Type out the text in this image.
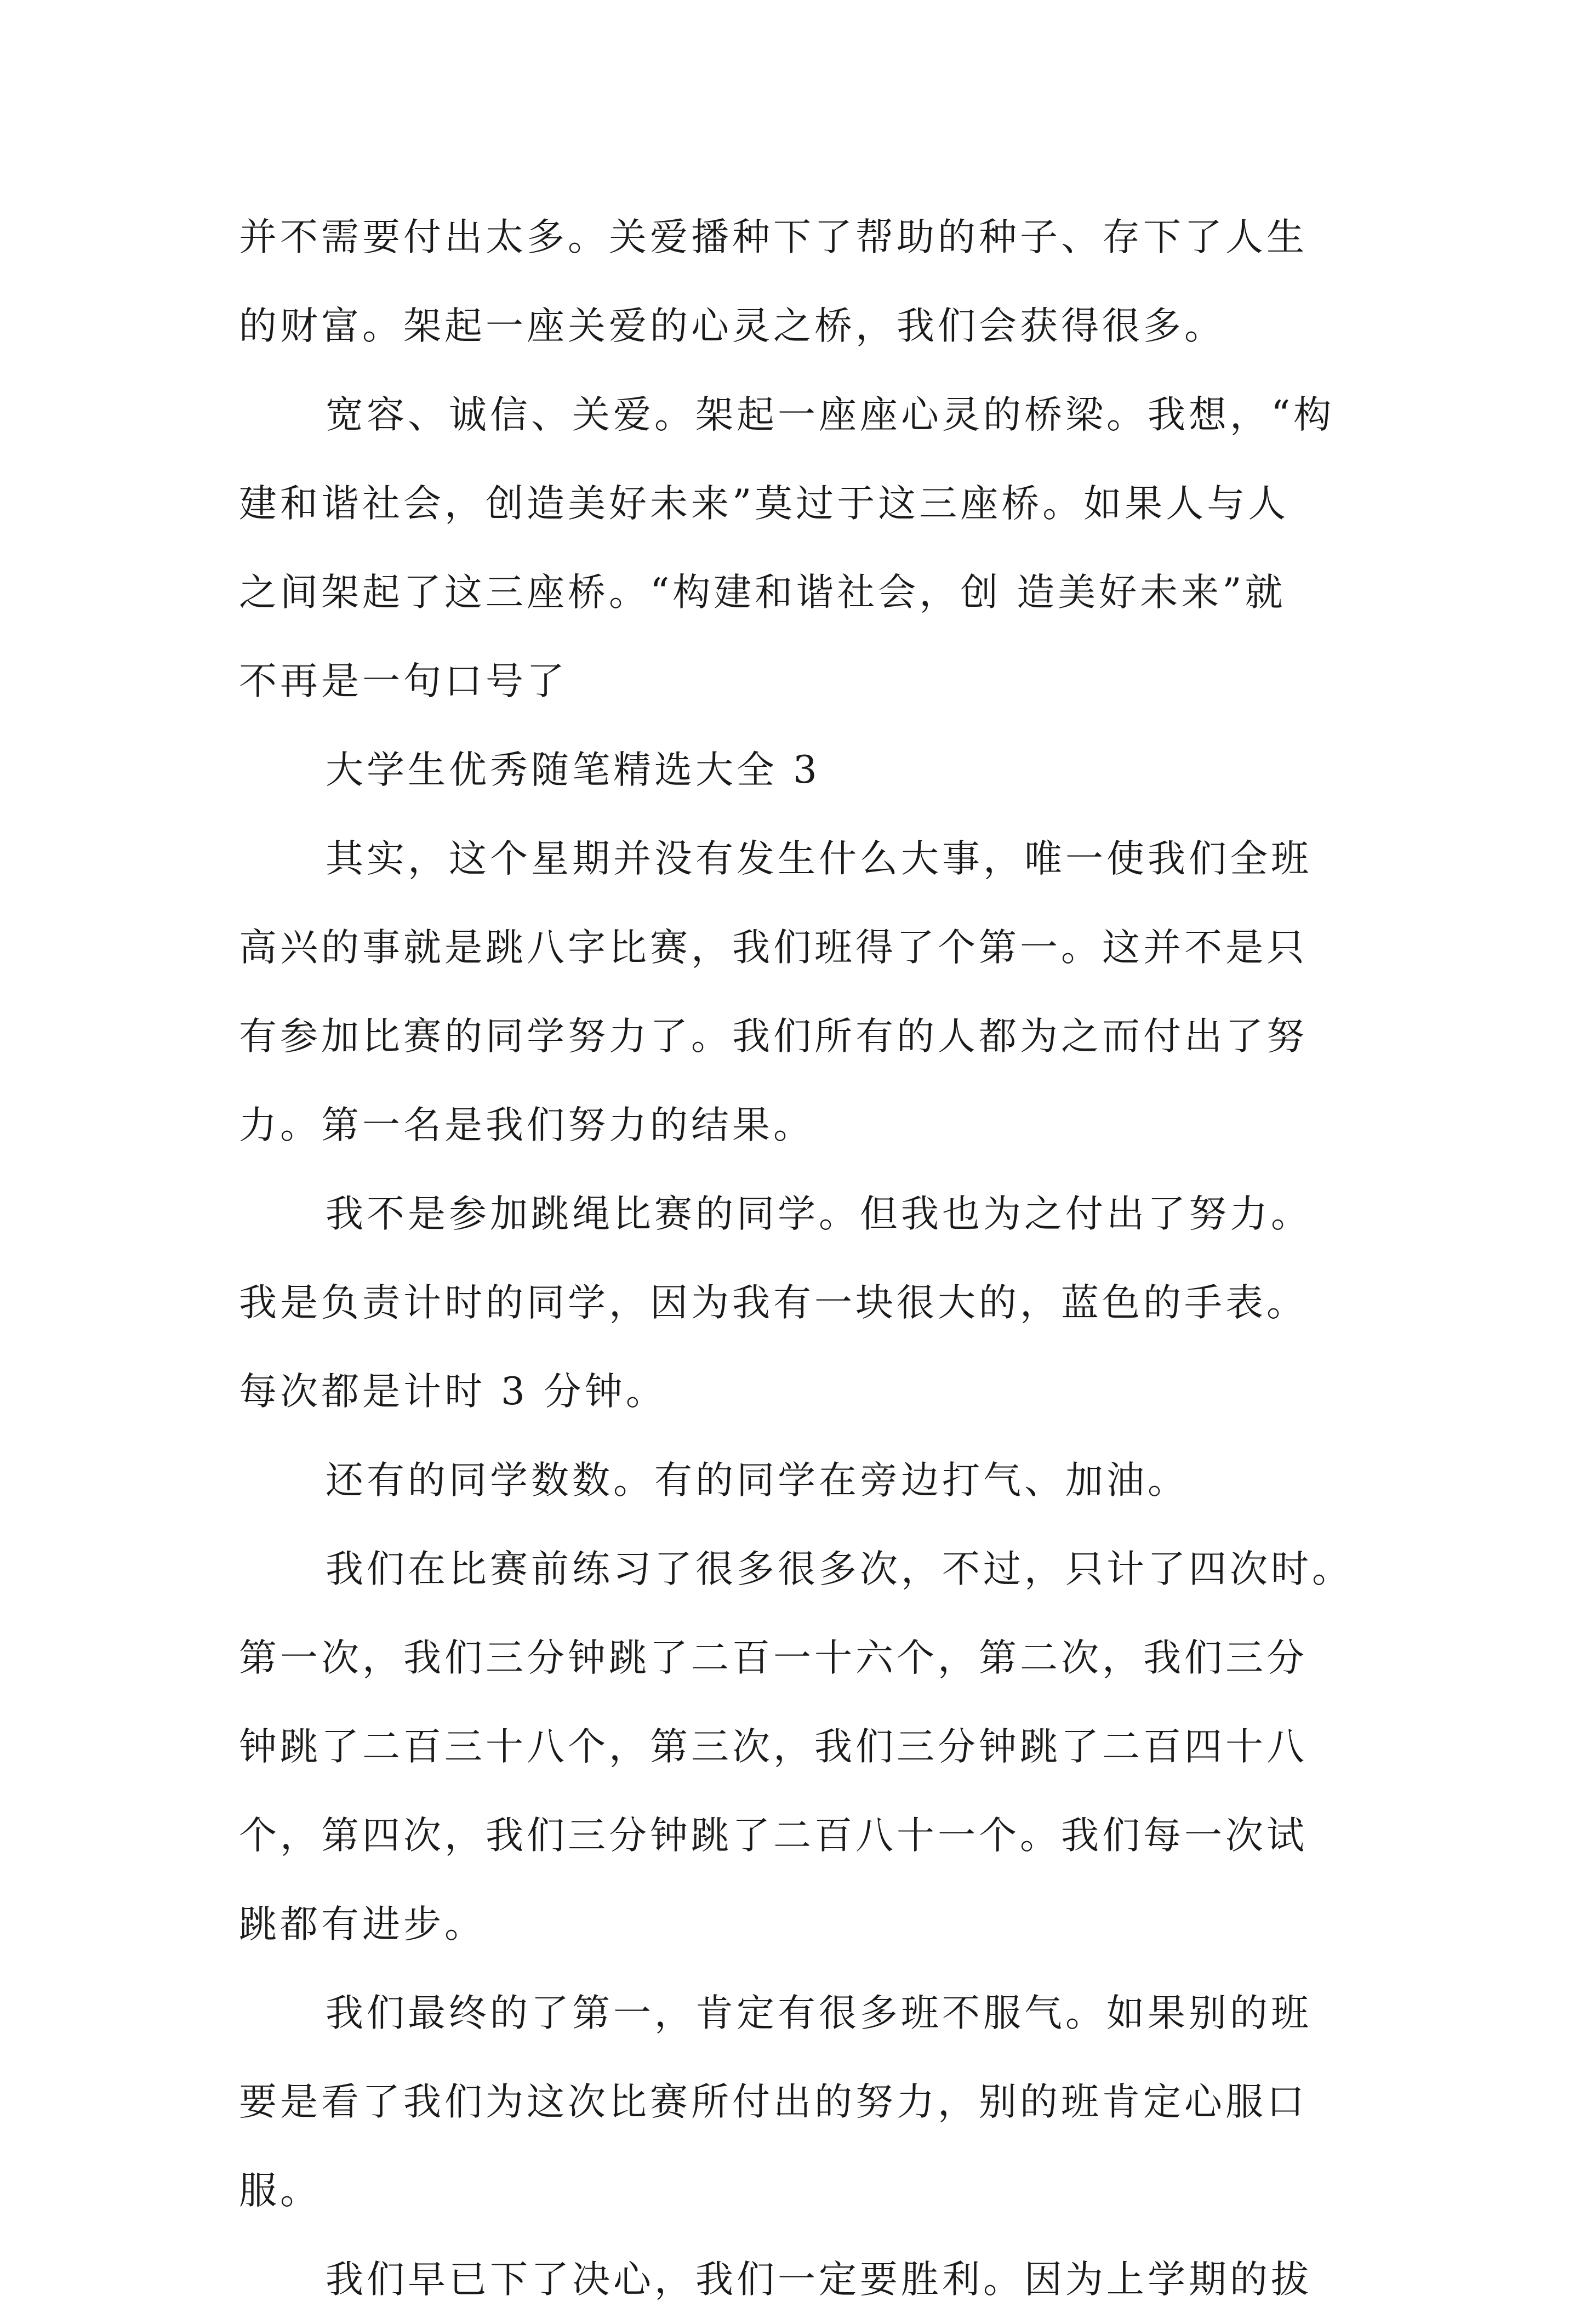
并不需要付出太多。关爱播种下了帮助的种子、存下了人生
的财富。架起一座关爱的心灵之桥，我们会获得很多。
宽容、诚信、关爱。架起一座座心灵的桥梁。我想，“构
建和谐社会，创造美好未来”莫过于这三座桥。如果人与人
之间架起了这三座桥。“构建和谐社会，创 造美好未来”就
不再是一句口号了
大学生优秀随笔精选大全 3
其实，这个星期并没有发生什么大事，唯一使我们全班
高兴的事就是跳八字比赛，我们班得了个第一。这并不是只
有参加比赛的同学努力了。我们所有的人都为之而付出了努
力。第一名是我们努力的结果。
我不是参加跳绳比赛的同学。但我也为之付出了努力。
我是负责计时的同学，因为我有一块很大的，蓝色的手表。
每次都是计时 3 分钟。
还有的同学数数。有的同学在旁边打气、加油。
我们在比赛前练习了很多很多次，不过，只计了四次时。
第一次，我们三分钟跳了二百一十六个，第二次，我们三分
钟跳了二百三十八个，第三次，我们三分钟跳了二百四十八
个，第四次，我们三分钟跳了二百八十一个。我们每一次试
跳都有进步。
我们最终的了第一，肯定有很多班不服气。如果别的班
要是看了我们为这次比赛所付出的努力，别的班肯定心服口
服。
我们早已下了决心，我们一定要胜利。因为上学期的拔
